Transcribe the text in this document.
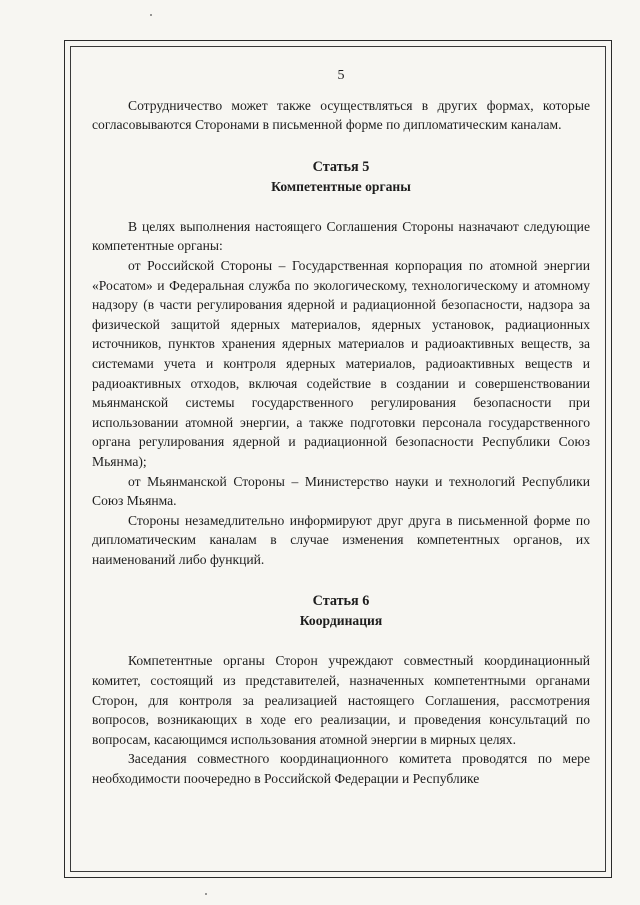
5

Сотрудничество может также осуществляться в других формах, которые согласовываются Сторонами в письменной форме по дипломатическим каналам.

Статья 5
Компетентные органы

В целях выполнения настоящего Соглашения Стороны назначают следующие компетентные органы:

от Российской Стороны – Государственная корпорация по атомной энергии «Росатом» и Федеральная служба по экологическому, технологическому и атомному надзору (в части регулирования ядерной и радиационной безопасности, надзора за физической защитой ядерных материалов, ядерных установок, радиационных источников, пунктов хранения ядерных материалов и радиоактивных веществ, за системами учета и контроля ядерных материалов, радиоактивных веществ и радиоактивных отходов, включая содействие в создании и совершенствовании мьянманской системы государственного регулирования безопасности при использовании атомной энергии, а также подготовки персонала государственного органа регулирования ядерной и радиационной безопасности Республики Союз Мьянма);

от Мьянманской Стороны – Министерство науки и технологий Республики Союз Мьянма.

Стороны незамедлительно информируют друг друга в письменной форме по дипломатическим каналам в случае изменения компетентных органов, их наименований либо функций.

Статья 6
Координация

Компетентные органы Сторон учреждают совместный координационный комитет, состоящий из представителей, назначенных компетентными органами Сторон, для контроля за реализацией настоящего Соглашения, рассмотрения вопросов, возникающих в ходе его реализации, и проведения консультаций по вопросам, касающимся использования атомной энергии в мирных целях.

Заседания совместного координационного комитета проводятся по мере необходимости поочередно в Российской Федерации и Республике
